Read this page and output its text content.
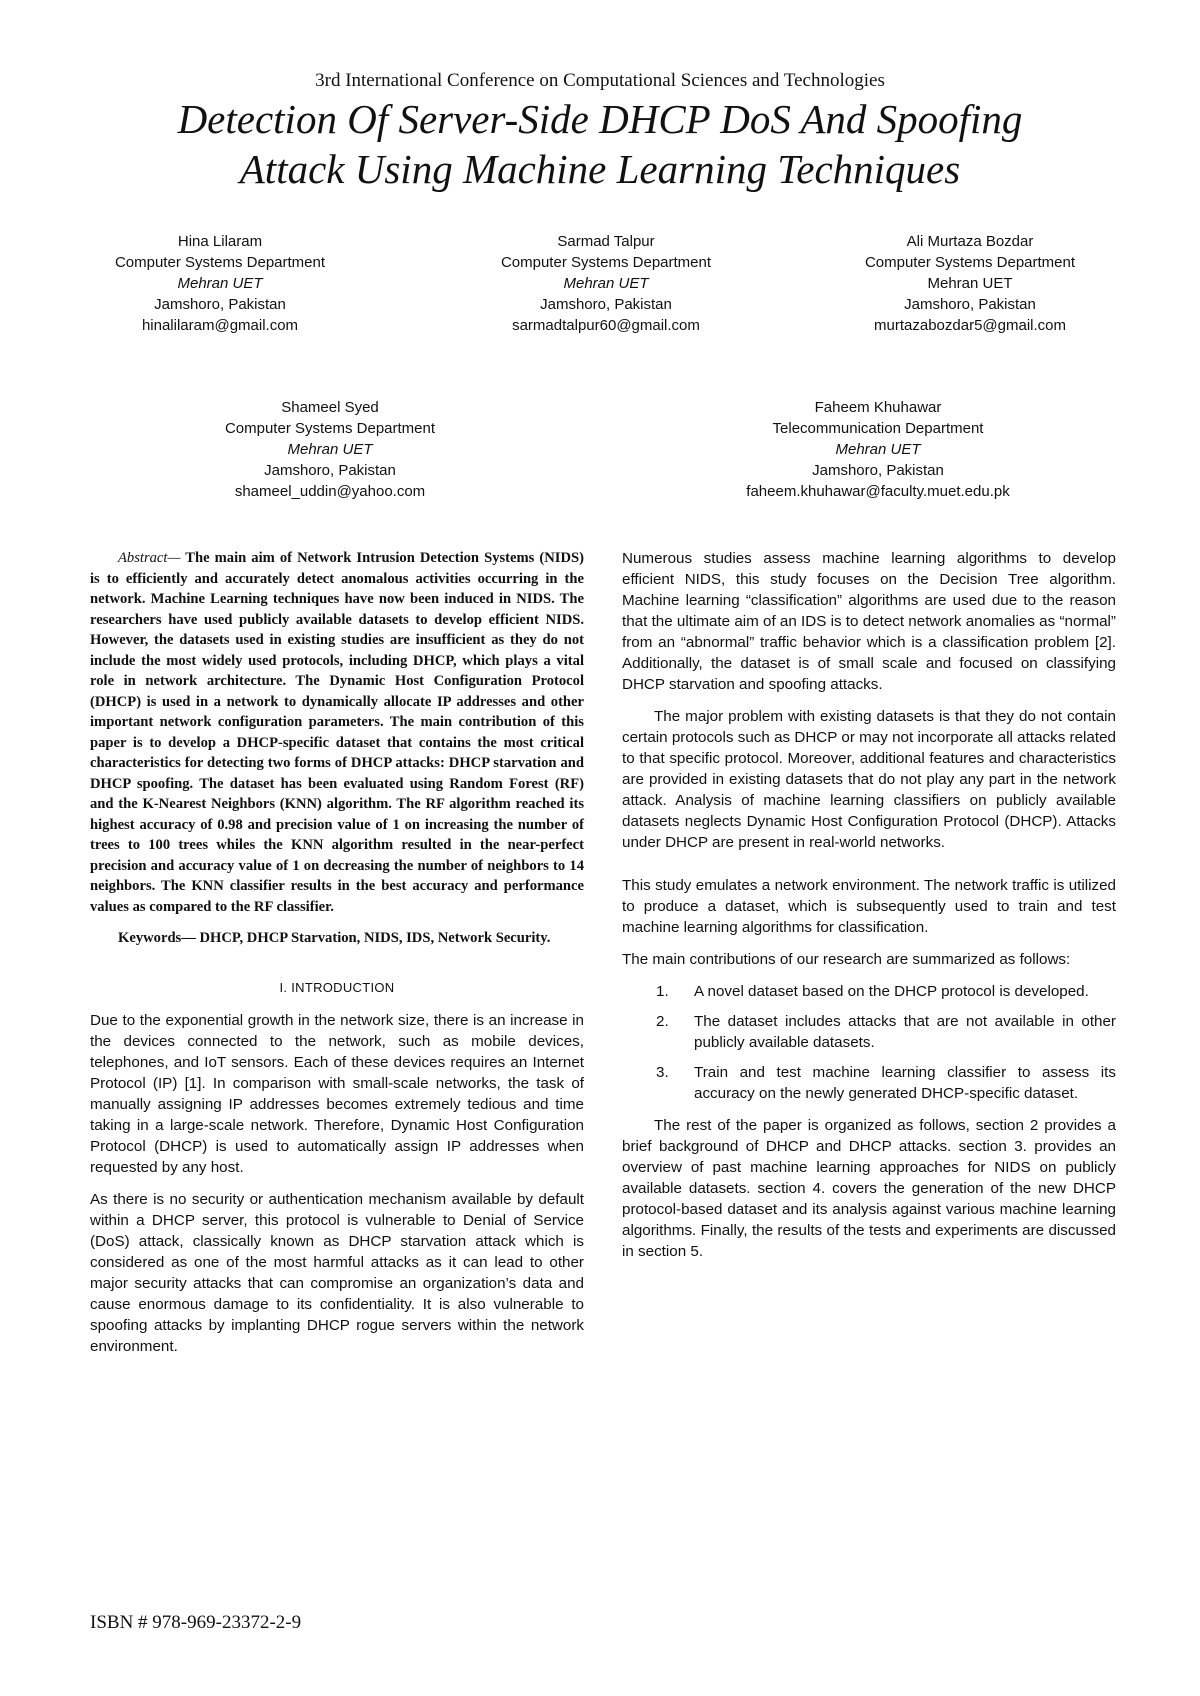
3rd International Conference on Computational Sciences and Technologies
Detection Of Server-Side DHCP DoS And Spoofing
Attack Using Machine Learning Techniques
Hina Lilaram
Computer Systems Department
Mehran UET
Jamshoro, Pakistan
hinalilaram@gmail.com
Sarmad Talpur
Computer Systems Department
Mehran UET
Jamshoro, Pakistan
sarmadtalpur60@gmail.com
Ali Murtaza Bozdar
Computer Systems Department
Mehran UET
Jamshoro, Pakistan
murtazabozdar5@gmail.com
Shameel Syed
Computer Systems Department
Mehran UET
Jamshoro, Pakistan
shameel_uddin@yahoo.com
Faheem Khuhawar
Telecommunication Department
Mehran UET
Jamshoro, Pakistan
faheem.khuhawar@faculty.muet.edu.pk

Abstract— The main aim of Network Intrusion Detection Systems (NIDS) is to efficiently and accurately detect anomalous activities occurring in the network. Machine Learning techniques have now been induced in NIDS. The researchers have used publicly available datasets to develop efficient NIDS. However, the datasets used in existing studies are insufficient as they do not include the most widely used protocols, including DHCP, which plays a vital role in network architecture. The Dynamic Host Configuration Protocol (DHCP) is used in a network to dynamically allocate IP addresses and other important network configuration parameters. The main contribution of this paper is to develop a DHCP-specific dataset that contains the most critical characteristics for detecting two forms of DHCP attacks: DHCP starvation and DHCP spoofing. The dataset has been evaluated using Random Forest (RF) and the K-Nearest Neighbors (KNN) algorithm. The RF algorithm reached its highest accuracy of 0.98 and precision value of 1 on increasing the number of trees to 100 trees whiles the KNN algorithm resulted in the near-perfect precision and accuracy value of 1 on decreasing the number of neighbors to 14 neighbors. The KNN classifier results in the best accuracy and performance values as compared to the RF classifier.

Keywords— DHCP, DHCP Starvation, NIDS, IDS, Network Security.

I. INTRODUCTION

Due to the exponential growth in the network size, there is an increase in the devices connected to the network, such as mobile devices, telephones, and IoT sensors. Each of these devices requires an Internet Protocol (IP) [1]. In comparison with small-scale networks, the task of manually assigning IP addresses becomes extremely tedious and time taking in a large-scale network. Therefore, Dynamic Host Configuration Protocol (DHCP) is used to automatically assign IP addresses when requested by any host.

As there is no security or authentication mechanism available by default within a DHCP server, this protocol is vulnerable to Denial of Service (DoS) attack, classically known as DHCP starvation attack which is considered as one of the most harmful attacks as it can lead to other major security attacks that can compromise an organization’s data and cause enormous damage to its confidentiality. It is also vulnerable to spoofing attacks by implanting DHCP rogue servers within the network environment.

Numerous studies assess machine learning algorithms to develop efficient NIDS, this study focuses on the Decision Tree algorithm. Machine learning “classification” algorithms are used due to the reason that the ultimate aim of an IDS is to detect network anomalies as “normal” from an “abnormal” traffic behavior which is a classification problem [2]. Additionally, the dataset is of small scale and focused on classifying DHCP starvation and spoofing attacks.

The major problem with existing datasets is that they do not contain certain protocols such as DHCP or may not incorporate all attacks related to that specific protocol. Moreover, additional features and characteristics are provided in existing datasets that do not play any part in the network attack. Analysis of machine learning classifiers on publicly available datasets neglects Dynamic Host Configuration Protocol (DHCP). Attacks under DHCP are present in real-world networks.

This study emulates a network environment. The network traffic is utilized to produce a dataset, which is subsequently used to train and test machine learning algorithms for classification.

The main contributions of our research are summarized as follows:

1. A novel dataset based on the DHCP protocol is developed.
2. The dataset includes attacks that are not available in other publicly available datasets.
3. Train and test machine learning classifier to assess its accuracy on the newly generated DHCP-specific dataset.

The rest of the paper is organized as follows, section 2 provides a brief background of DHCP and DHCP attacks. section 3. provides an overview of past machine learning approaches for NIDS on publicly available datasets. section 4. covers the generation of the new DHCP protocol-based dataset and its analysis against various machine learning algorithms. Finally, the results of the tests and experiments are discussed in section 5.

ISBN # 978-969-23372-2-9
